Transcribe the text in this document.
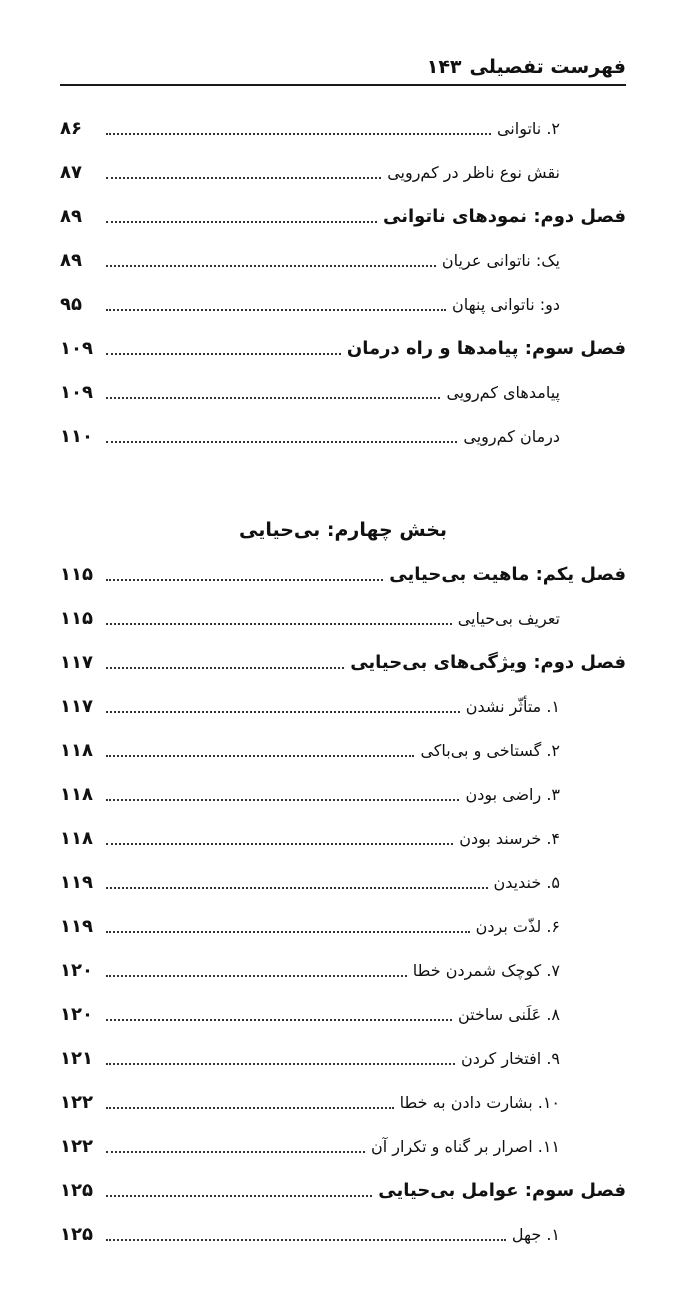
فهرست تفصیلی
۱۴۳
۲. ناتوانی
۸۶
نقش نوع ناظر در کم‌رویی
۸۷
فصل دوم: نمودهای ناتوانی
۸۹
یک: ناتوانی عریان
۸۹
دو: ناتوانی پنهان
۹۵
فصل سوم: پیامدها و راه درمان
۱۰۹
پیامدهای کم‌رویی
۱۰۹
درمان کم‌رویی
۱۱۰
بخش چهارم: بی‌حیایی
فصل یکم: ماهیت بی‌حیایی
۱۱۵
تعریف بی‌حیایی
۱۱۵
فصل دوم: ویژگی‌های بی‌حیایی
۱۱۷
۱. متأثّر نشدن
۱۱۷
۲. گستاخی و بی‌باکی
۱۱۸
۳. راضی بودن
۱۱۸
۴. خرسند بودن
۱۱۸
۵. خندیدن
۱۱۹
۶. لذّت بردن
۱۱۹
۷. کوچک شمردن خطا
۱۲۰
۸. عَلَنی ساختن
۱۲۰
۹. افتخار کردن
۱۲۱
۱۰. بشارت دادن به خطا
۱۲۲
۱۱. اصرار بر گناه و تکرار آن
۱۲۲
فصل سوم: عوامل بی‌حیایی
۱۲۵
۱. جهل
۱۲۵
